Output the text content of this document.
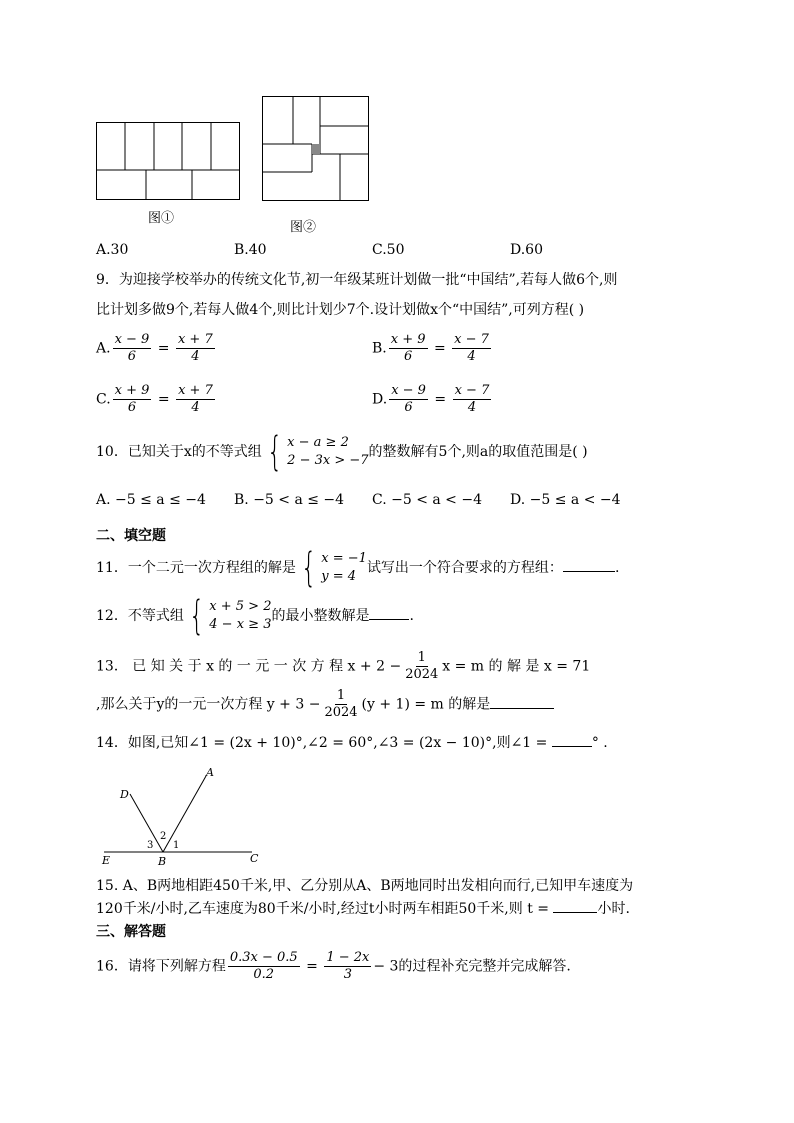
图①
图②
A.30	B.40	C.50	D.60
9．为迎接学校举办的传统文化节,初一年级某班计划做一批“中国结”,若每人做6个,则
比计划多做9个,若每人做4个,则比计划少7个.设计划做x个“中国结”,可列方程( )
A. $\frac{x - 9}{6} = \frac{x + 7}{4}$	B. $\frac{x + 9}{6} = \frac{x - 7}{4}$
C. $\frac{x + 9}{6} = \frac{x + 7}{4}$	D. $\frac{x - 9}{6} = \frac{x - 7}{4}$
10．已知关于x的不等式组 { x − a ≥ 2
2 − 3x > −7
的整数解有5个,则a的取值范围是( )
A. −5 ≤ a ≤ −4 B. −5 < a ≤ −4 C. −5 < a < −4 D. −5 ≤ a < −4
二、填空题
11．一个二元一次方程组的解是 { x = −1
y = 4
试写出一个符合要求的方程组：	.
12．不等式组 { x + 5 > 2
4 − x ≥ 3
的最小整数解是	.
13． 已 知 关 于 x 的 一 元 一 次 方 程 $x + 2 - \frac{1}{2024}$ x = m 的 解 是 x = 71
,那么关于y的一元一次方程 $y + 3 - \frac{1}{2024} (y + 1) = m$ 的解是
14．如图,已知∠1 = (2x + 10)°,∠2 = 60°,∠3 = (2x − 10)°,则∠1 =	° .
D
A
E	B	C
3
2
1
15. A、B两地相距450千米,甲、乙分别从A、B两地同时出发相向而行,已知甲车速度为
120千米/小时,乙车速度为80千米/小时,经过t小时两车相距50千米,则 t =	小时.
三、解答题
16．请将下列解方程 $\frac{0.3x - 0.5}{0.2} = \frac{1 - 2x}{3} - 3$的过程补充完整并完成解答.
